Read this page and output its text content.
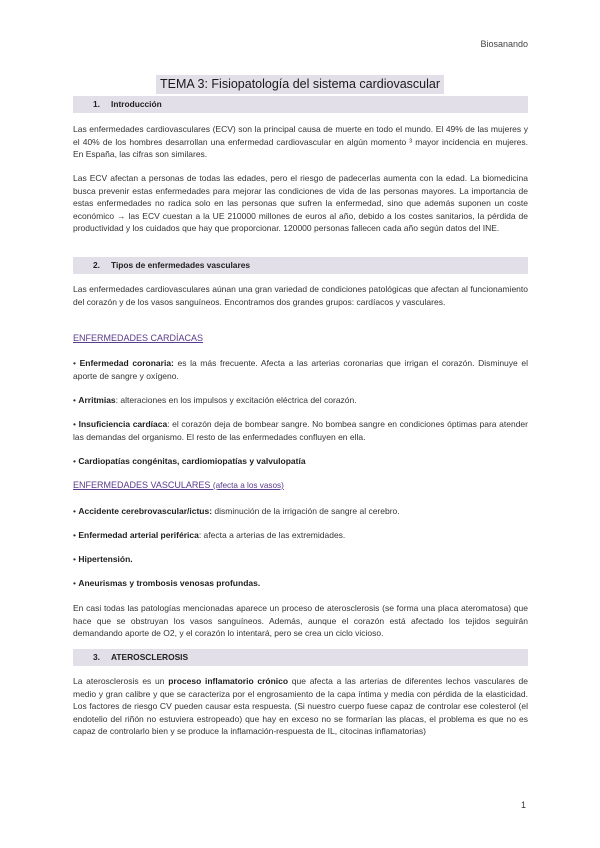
Biosanando
TEMA 3: Fisiopatología del sistema cardiovascular
1. Introducción
Las enfermedades cardiovasculares (ECV) son la principal causa de muerte en todo el mundo. El 49% de las mujeres y el 40% de los hombres desarrollan una enfermedad cardiovascular en algún momento ³ mayor incidencia en mujeres. En España, las cifras son similares.
Las ECV afectan a personas de todas las edades, pero el riesgo de padecerlas aumenta con la edad. La biomedicina busca prevenir estas enfermedades para mejorar las condiciones de vida de las personas mayores. La importancia de estas enfermedades no radica solo en las personas que sufren la enfermedad, sino que además suponen un coste económico → las ECV cuestan a la UE 210000 millones de euros al año, debido a los costes sanitarios, la pérdida de productividad y los cuidados que hay que proporcionar. 120000 personas fallecen cada año según datos del INE.
2. Tipos de enfermedades vasculares
Las enfermedades cardiovasculares aúnan una gran variedad de condiciones patológicas que afectan al funcionamiento del corazón y de los vasos sanguíneos. Encontramos dos grandes grupos: cardíacos y vasculares.
ENFERMEDADES CARDÍACAS
• Enfermedad coronaria: es la más frecuente. Afecta a las arterias coronarias que irrigan el corazón. Disminuye el aporte de sangre y oxígeno.
• Arritmias: alteraciones en los impulsos y excitación eléctrica del corazón.
• Insuficiencia cardíaca: el corazón deja de bombear sangre. No bombea sangre en condiciones óptimas para atender las demandas del organismo. El resto de las enfermedades confluyen en ella.
• Cardiopatías congénitas, cardiomiopatías y valvulopatía
ENFERMEDADES VASCULARES (afecta a los vasos)
• Accidente cerebrovascular/ictus: disminución de la irrigación de sangre al cerebro.
• Enfermedad arterial periférica: afecta a arterias de las extremidades.
• Hipertensión.
• Aneurismas y trombosis venosas profundas.
En casi todas las patologías mencionadas aparece un proceso de aterosclerosis (se forma una placa ateromatosa) que hace que se obstruyan los vasos sanguíneos. Además, aunque el corazón está afectado los tejidos seguirán demandando aporte de O2, y el corazón lo intentará, pero se crea un ciclo vicioso.
3. ATEROSCLEROSIS
La aterosclerosis es un proceso inflamatorio crónico que afecta a las arterias de diferentes lechos vasculares de medio y gran calibre y que se caracteriza por el engrosamiento de la capa íntima y media con pérdida de la elasticidad. Los factores de riesgo CV pueden causar esta respuesta. (Si nuestro cuerpo fuese capaz de controlar ese colesterol (el endotelio del riñón no estuviera estropeado) que hay en exceso no se formarían las placas, el problema es que no es capaz de controlarlo bien y se produce la inflamación-respuesta de IL, citocinas inflamatorias)
1
